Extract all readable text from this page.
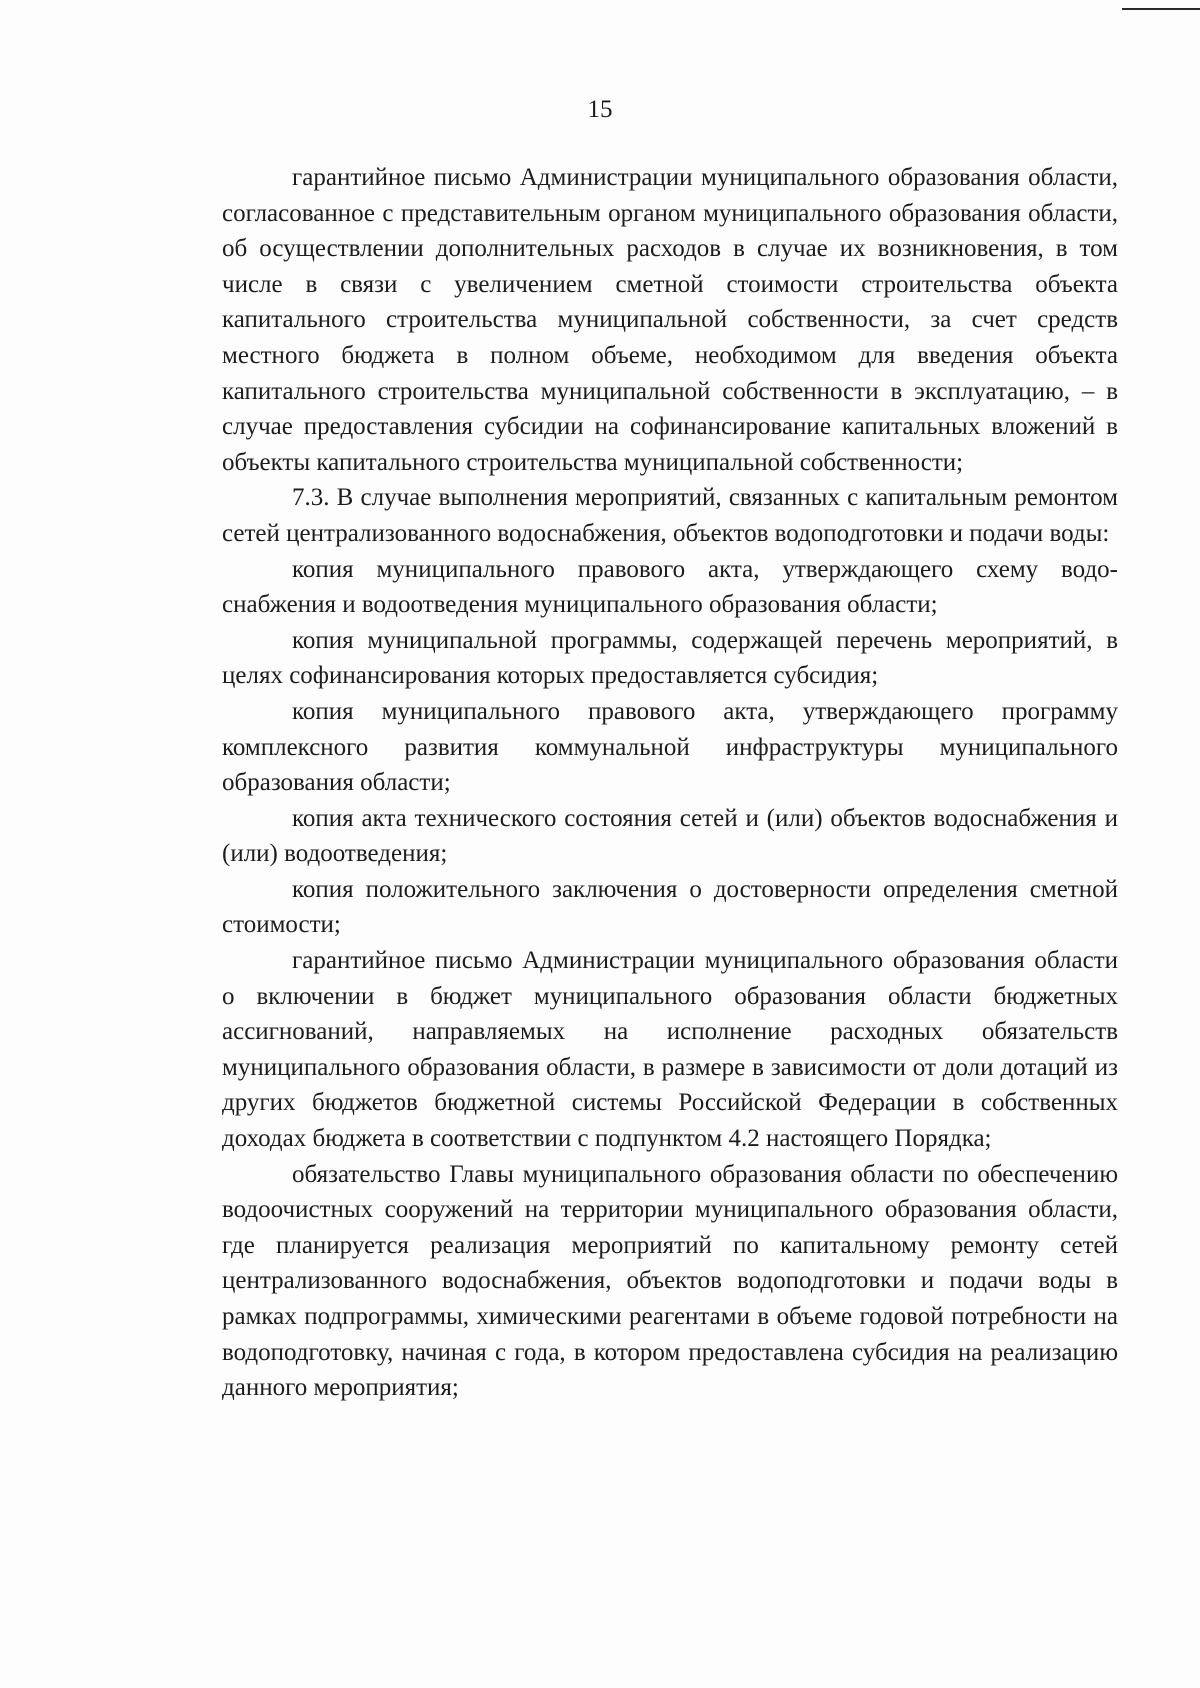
15

гарантийное письмо Администрации муниципального образования области, согласованное с представительным органом муниципального образования области, об осуществлении дополнительных расходов в случае их возникновения, в том числе в связи с увеличением сметной стоимости строительства объекта капитального строительства муниципальной собственности, за счет средств местного бюджета в полном объеме, необходимом для введения объекта капитального строительства муниципальной собственности в эксплуатацию, – в случае предоставления субсидии на софинансирование капитальных вложений в объекты капитального строительства муниципальной собственности;

7.3. В случае выполнения мероприятий, связанных с капитальным ремонтом сетей централизованного водоснабжения, объектов водоподготовки и подачи воды:

копия муниципального правового акта, утверждающего схему водоснабжения и водоотведения муниципального образования области;

копия муниципальной программы, содержащей перечень мероприятий, в целях софинансирования которых предоставляется субсидия;

копия муниципального правового акта, утверждающего программу комплексного развития коммунальной инфраструктуры муниципального образования области;

копия акта технического состояния сетей и (или) объектов водоснабжения и (или) водоотведения;

копия положительного заключения о достоверности определения сметной стоимости;

гарантийное письмо Администрации муниципального образования области о включении в бюджет муниципального образования области бюджетных ассигнований, направляемых на исполнение расходных обязательств муниципального образования области, в размере в зависимости от доли дотаций из других бюджетов бюджетной системы Российской Федерации в собственных доходах бюджета в соответствии с подпунктом 4.2 настоящего Порядка;

обязательство Главы муниципального образования области по обеспечению водоочистных сооружений на территории муниципального образования области, где планируется реализация мероприятий по капитальному ремонту сетей централизованного водоснабжения, объектов водоподготовки и подачи воды в рамках подпрограммы, химическими реагентами в объеме годовой потребности на водоподготовку, начиная с года, в котором предоставлена субсидия на реализацию данного мероприятия;
